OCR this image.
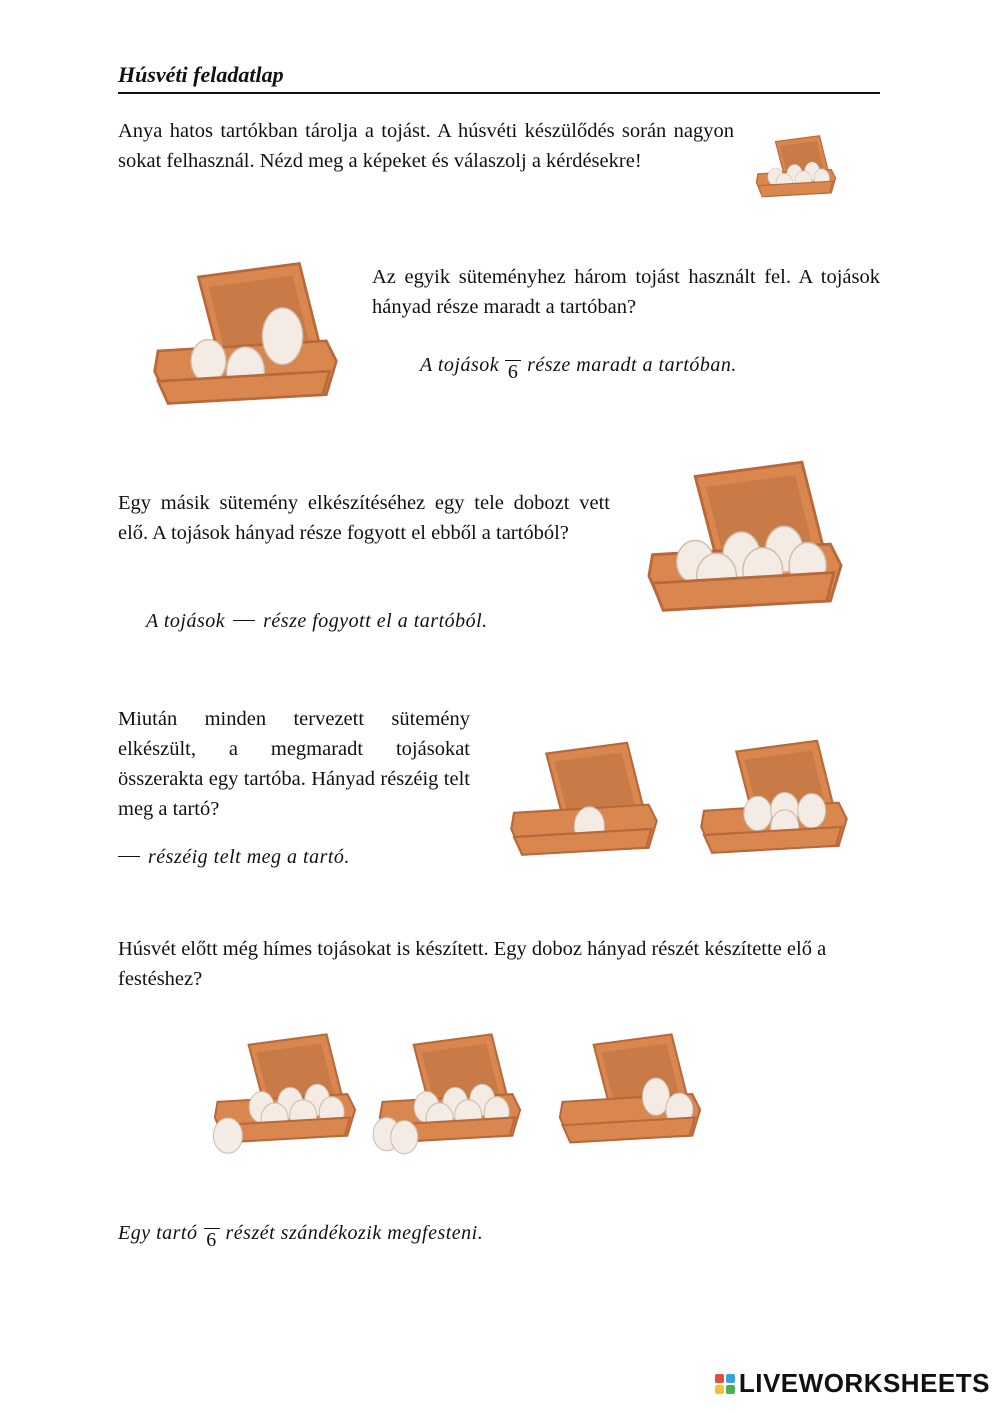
Húsvéti feladatlap
Anya hatos tartókban tárolja a tojást. A húsvéti készülődés során nagyon sokat felhasznál. Nézd meg a képeket és válaszolj a kérdésekre!
Az egyik süteményhez három tojást használt fel. A tojások hányad része maradt a tartóban?
A tojások 6 része maradt a tartóban.
Egy másik sütemény elkészítéséhez egy tele dobozt vett elő. A tojások hányad része fogyott el ebből a tartóból?
A tojások része fogyott el a tartóból.
Miután minden tervezett sütemény elkészült, a megmaradt tojásokat összerakta egy tartóba. Hányad részéig telt meg a tartó?
részéig telt meg a tartó.
Húsvét előtt még hímes tojásokat is készített. Egy doboz hányad részét készítette elő a festéshez?
Egy tartó 6 részét szándékozik megfesteni.
LIVEWORKSHEETS
